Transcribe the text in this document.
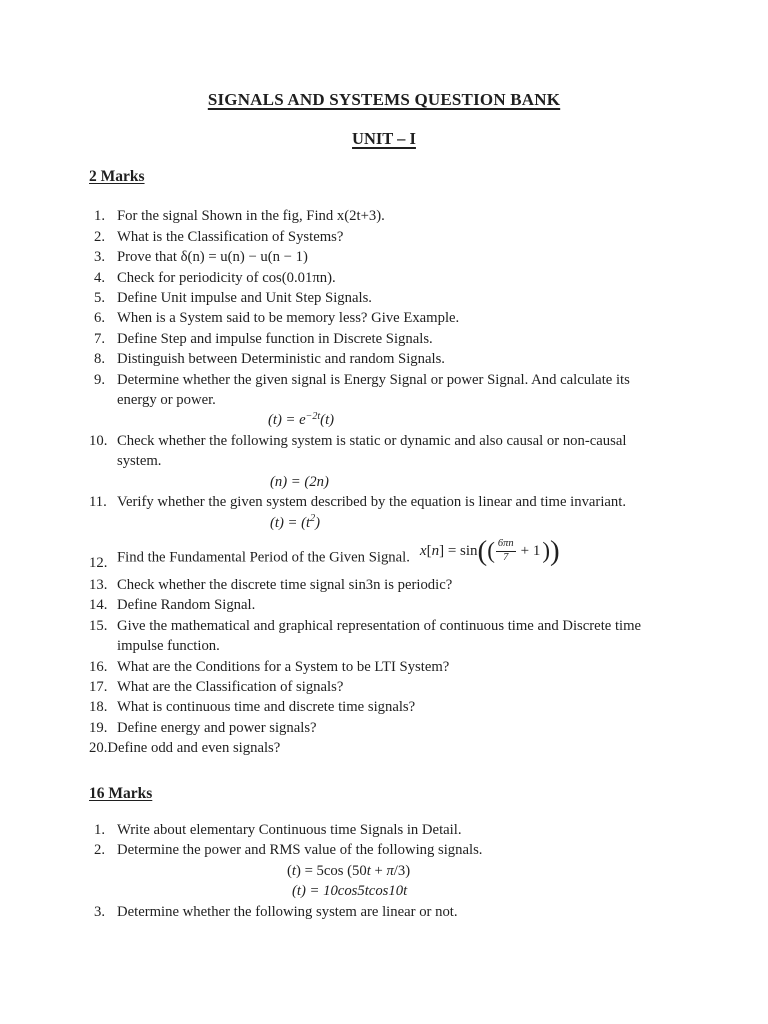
SIGNALS AND SYSTEMS QUESTION BANK
UNIT – I
2 Marks
1. For the signal Shown in the fig, Find x(2t+3).
2. What is the Classification of Systems?
3. Prove that δ(n) = u(n) − u(n − 1)
4. Check for periodicity of cos(0.01πn).
5. Define Unit impulse and Unit Step Signals.
6. When is a System said to be memory less? Give Example.
7. Define Step and impulse function in Discrete Signals.
8. Distinguish between Deterministic and random Signals.
9. Determine whether the given signal is Energy Signal or power Signal. And calculate its
energy or power.
$(t) = e^{-2t}(t)$
10. Check whether the following system is static or dynamic and also causal or non-causal
system.
(n) = (2n)
11. Verify whether the given system described by the equation is linear and time invariant.
$(t) = (t^2)$
12. Find the Fundamental Period of the Given Signal. x [ n ] = sin ( ( $\frac{6\pi n}{7} + 1$ ) )
13. Check whether the discrete time signal sin3n is periodic?
14. Define Random Signal.
15. Give the mathematical and graphical representation of continuous time and Discrete time
impulse function.
16. What are the Conditions for a System to be LTI System?
17. What are the Classification of signals?
18. What is continuous time and discrete time signals?
19. Define energy and power signals?
20. Define odd and even signals?
16 Marks
1. Write about elementary Continuous time Signals in Detail.
2. Determine the power and RMS value of the following signals.
(t) = 5cos (50t + π/3)
(t) = 10cos5tcos10t
3. Determine whether the following system are linear or not.
